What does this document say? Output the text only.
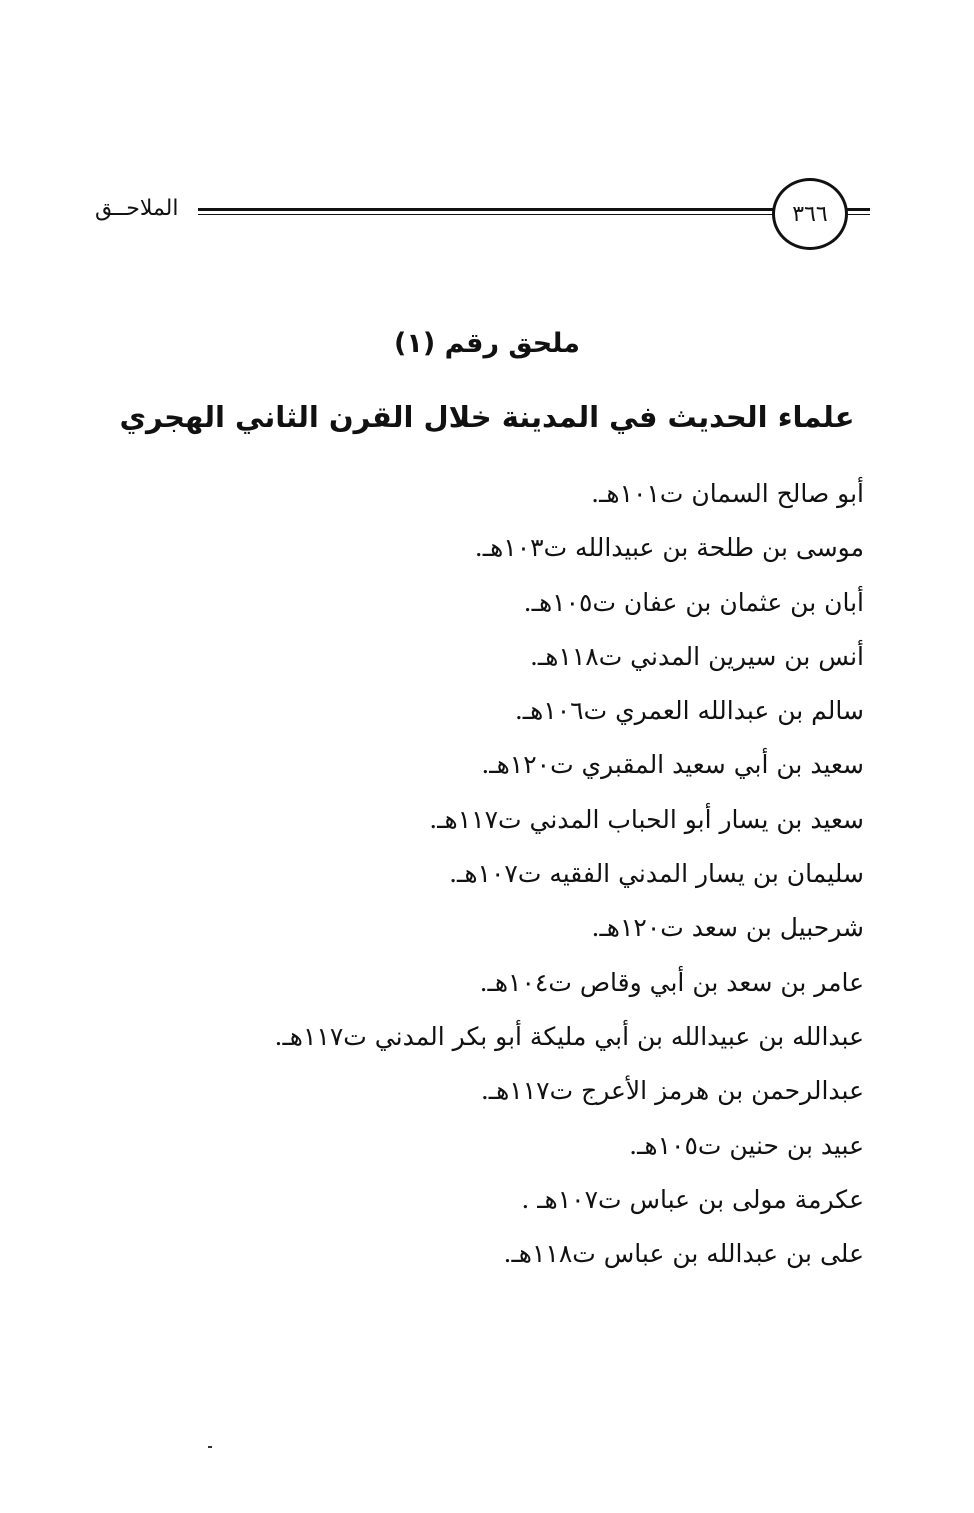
الملاحــق	٣٦٦
ملحق رقم (١)
علماء الحديث في المدينة خلال القرن الثاني الهجري
أبو صالح السمان ت١٠١هـ.
موسى بن طلحة بن عبيدالله ت١٠٣هـ.
أبان بن عثمان بن عفان ت١٠٥هـ.
أنس بن سيرين المدني ت١١٨هـ.
سالم بن عبدالله العمري ت١٠٦هـ.
سعيد بن أبي سعيد المقبري ت١٢٠هـ.
سعيد بن يسار أبو الحباب المدني ت١١٧هـ.
سليمان بن يسار المدني الفقيه ت١٠٧هـ.
شرحبيل بن سعد ت١٢٠هـ.
عامر بن سعد بن أبي وقاص ت١٠٤هـ.
عبدالله بن عبيدالله بن أبي مليكة أبو بكر المدني ت١١٧هـ.
عبدالرحمن بن هرمز الأعرج ت١١٧هـ.
عبيد بن حنين ت١٠٥هـ.
عكرمة مولى بن عباس ت١٠٧هـ .
على بن عبدالله بن عباس ت١١٨هـ.
